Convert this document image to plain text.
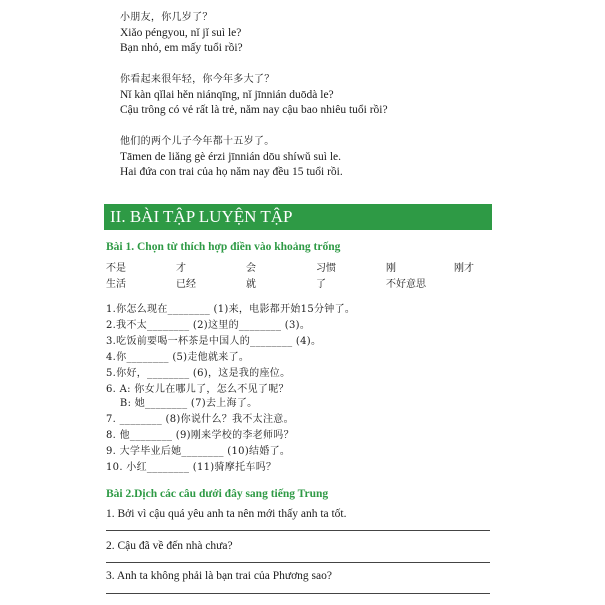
小朋友，你几岁了？
Xiǎo péngyou, nǐ jǐ suì le?
Bạn nhỏ, em mấy tuổi rồi?
你看起来很年轻，你今年多大了？
Nǐ kàn qǐlai hěn niánqīng, nǐ jīnnián duōdà le?
Cậu trông có vẻ rất là trẻ, năm nay cậu bao nhiêu tuổi rồi?
他们的两个儿子今年都十五岁了。
Tāmen de liǎng gè érzi jīnnián dōu shíwǔ suì le.
Hai đứa con trai của họ năm nay đều 15 tuổi rồi.
II. BÀI TẬP LUYỆN TẬP
Bài 1. Chọn từ thích hợp điền vào khoảng trống
不是	才	会	习惯	刚	刚才
生活	已经	就	了	不好意思
1.你怎么现在________ (1)来，电影都开始15分钟了。
2.我不太________ (2)这里的________ (3)。
3.吃饭前要喝一杯茶是中国人的________ (4)。
4.你________ (5)走他就来了。
5.你好，________ (6)，这是我的座位。
6. A: 你女儿在哪儿了，怎么不见了呢？
B: 她________ (7)去上海了。
7. ________ (8)你说什么？我不太注意。
8. 他________ (9)刚来学校的李老师吗？
9. 大学毕业后她________ (10)结婚了。
10. 小红________ (11)骑摩托车吗？
Bài 2.Dịch các câu dưới đây sang tiếng Trung
1. Bởi vì cậu quá yêu anh ta nên mới thấy anh ta tốt.
2. Cậu đã về đến nhà chưa?
3. Anh ta không phải là bạn trai của Phương sao?
